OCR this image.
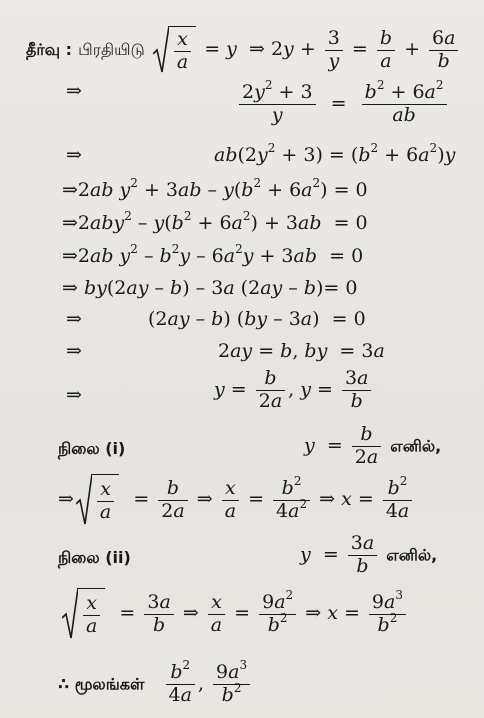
தீர்வு : பிரதியிடு $\frac{x}{a} = y$  ⇒ $2y + \frac{3}{y} = \frac{b}{a} + \frac{6a}{b}$
⇒	$\frac{2y^2 + 3}{y} = \frac{b^2 + 6a^2}{ab}$
⇒	$ab(2y^2 + 3) = (b^2 + 6a^2)y$
⇒2ab $y^2 + 3ab - y(b^2 + 6a^2) = 0$
⇒2aby$^2$ – $y(b^2 + 6a^2) + 3ab = 0$
⇒2ab $y^2 - b^2y - 6a^2y + 3ab = 0$
⇒ by(2ay – b) – 3a (2ay – b)= 0
⇒	(2ay – b) (by – 3a)  = 0
⇒	2ay = b, by  = 3a
⇒	$y = \frac{b}{2a}$ , $y = \frac{3a}{b}$
நிலை (i)	$y = \frac{b}{2a}$ எனில்,
⇒ $\frac{x}{a} = \frac{b}{2a}$ ⇒ $\frac{x}{a} = \frac{b^2}{4a^2}$ ⇒ $x = \frac{b^2}{4a}$
நிலை (ii)	$y = \frac{3a}{b}$ எனில்,
$\frac{x}{a} = \frac{3a}{b}$ ⇒ $\frac{x}{a} = \frac{9a^2}{b^2}$ ⇒ $x = \frac{9a^3}{b^2}$
∴ மூலங்கள் $\frac{b^2}{4a}$ , $\frac{9a^3}{b^2}$
